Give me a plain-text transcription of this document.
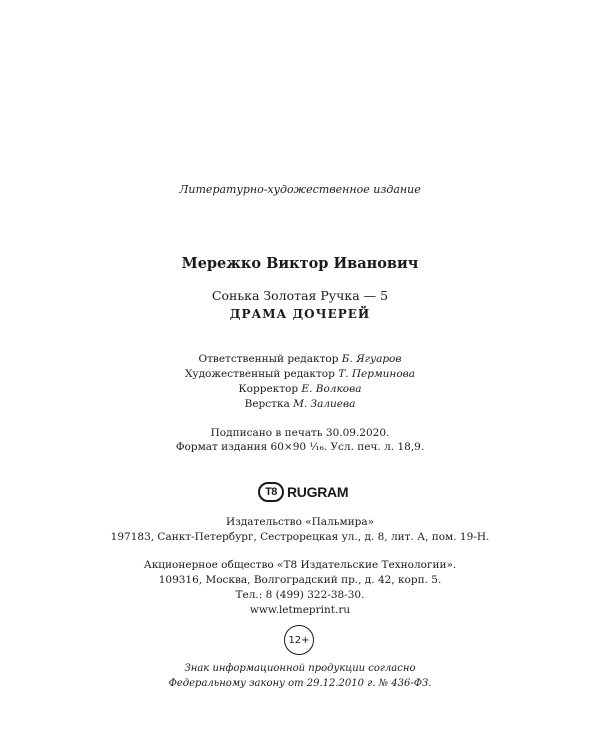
Литературно-художественное издание
Мережко Виктор Иванович
Сонька Золотая Ручка — 5
ДРАМА ДОЧЕРЕЙ
Ответственный редактор Б. Ягуаров
Художественный редактор Т. Перминова
Корректор Е. Волкова
Верстка М. Залиева
Подписано в печать 30.09.2020.
Формат издания 60×90 ¹⁄₁₆. Усл. печ. л. 18,9.
T8 RUGRAM
Издательство «Пальмира»
197183, Санкт-Петербург, Сестрорецкая ул., д. 8, лит. А, пом. 19-Н.
Акционерное общество «Т8 Издательские Технологии».
109316, Москва, Волгоградский пр., д. 42, корп. 5.
Тел.: 8 (499) 322-38-30.
www.letmeprint.ru
12+
Знак информационной продукции согласно
Федеральному закону от 29.12.2010 г. № 436-ФЗ.
